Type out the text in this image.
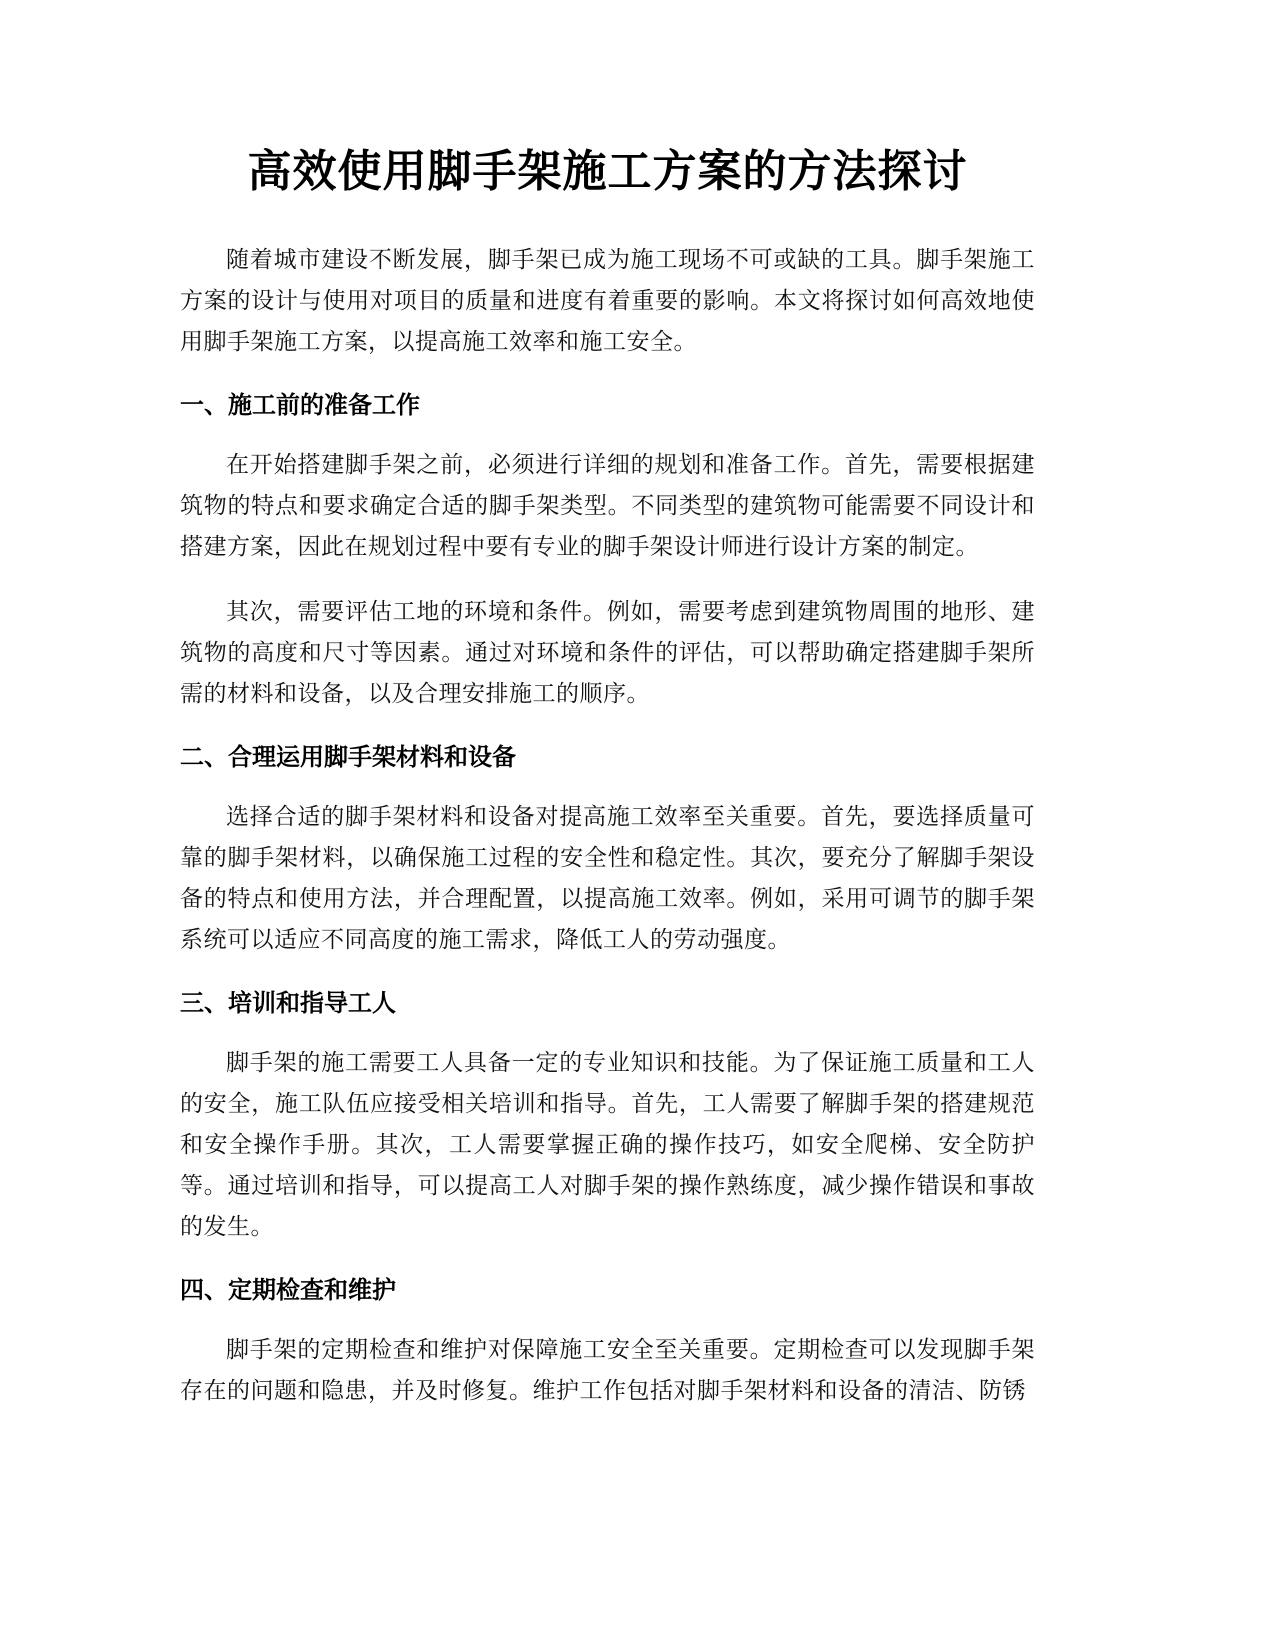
高效使用脚手架施工方案的方法探讨

随着城市建设不断发展，脚手架已成为施工现场不可或缺的工具。脚手架施工方案的设计与使用对项目的质量和进度有着重要的影响。本文将探讨如何高效地使用脚手架施工方案，以提高施工效率和施工安全。

一、施工前的准备工作

在开始搭建脚手架之前，必须进行详细的规划和准备工作。首先，需要根据建筑物的特点和要求确定合适的脚手架类型。不同类型的建筑物可能需要不同设计和搭建方案，因此在规划过程中要有专业的脚手架设计师进行设计方案的制定。

其次，需要评估工地的环境和条件。例如，需要考虑到建筑物周围的地形、建筑物的高度和尺寸等因素。通过对环境和条件的评估，可以帮助确定搭建脚手架所需的材料和设备，以及合理安排施工的顺序。

二、合理运用脚手架材料和设备

选择合适的脚手架材料和设备对提高施工效率至关重要。首先，要选择质量可靠的脚手架材料，以确保施工过程的安全性和稳定性。其次，要充分了解脚手架设备的特点和使用方法，并合理配置，以提高施工效率。例如，采用可调节的脚手架系统可以适应不同高度的施工需求，降低工人的劳动强度。

三、培训和指导工人

脚手架的施工需要工人具备一定的专业知识和技能。为了保证施工质量和工人的安全，施工队伍应接受相关培训和指导。首先，工人需要了解脚手架的搭建规范和安全操作手册。其次，工人需要掌握正确的操作技巧，如安全爬梯、安全防护等。通过培训和指导，可以提高工人对脚手架的操作熟练度，减少操作错误和事故的发生。

四、定期检查和维护

脚手架的定期检查和维护对保障施工安全至关重要。定期检查可以发现脚手架存在的问题和隐患，并及时修复。维护工作包括对脚手架材料和设备的清洁、防锈
